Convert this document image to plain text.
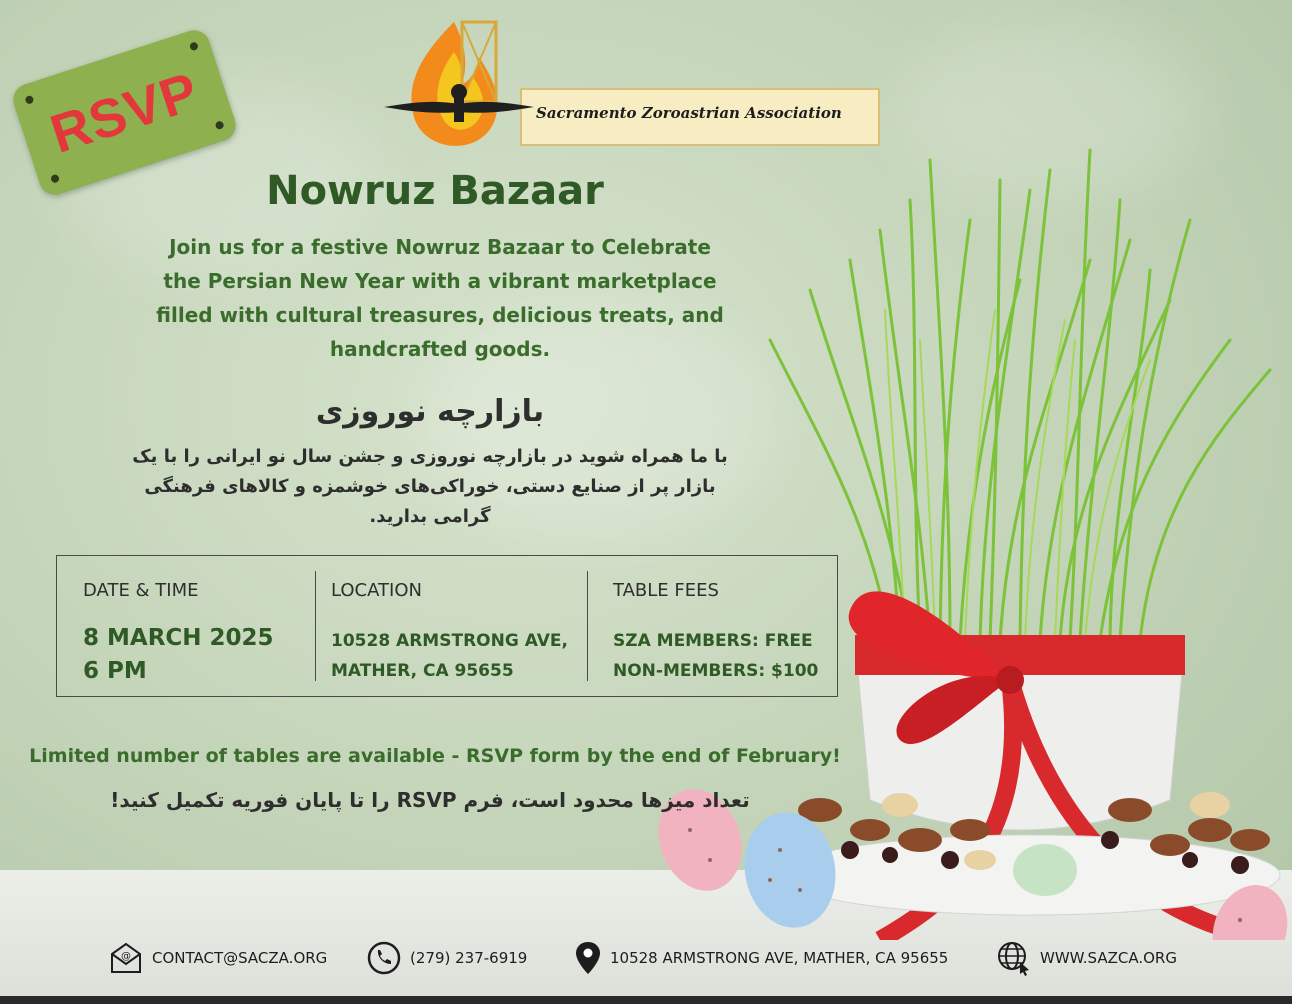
RSVP	Sacramento Zoroastrian Association
Nowruz Bazaar
Join us for a festive Nowruz Bazaar to Celebrate the Persian New Year with a vibrant marketplace filled with cultural treasures, delicious treats, and handcrafted goods.
بازارچه نوروزی
با ما همراه شوید در بازارچه نوروزی و جشن سال نو ایرانی را با یک بازار پر از صنایع دستی، خوراکی‌های خوشمزه و کالاهای فرهنگی گرامی بدارید.
DATE & TIME
8 MARCH 2025
6 PM
LOCATION
10528 ARMSTRONG AVE,
MATHER, CA 95655
TABLE FEES
SZA MEMBERS: FREE
NON-MEMBERS: $100
Limited number of tables are available - RSVP form by the end of February!
تعداد میزها محدود است، فرم RSVP را تا پایان فوریه تکمیل کنید!
@ CONTACT@SACZA.ORG	(279) 237-6919	10528 ARMSTRONG AVE, MATHER, CA 95655	WWW.SAZCA.ORG
